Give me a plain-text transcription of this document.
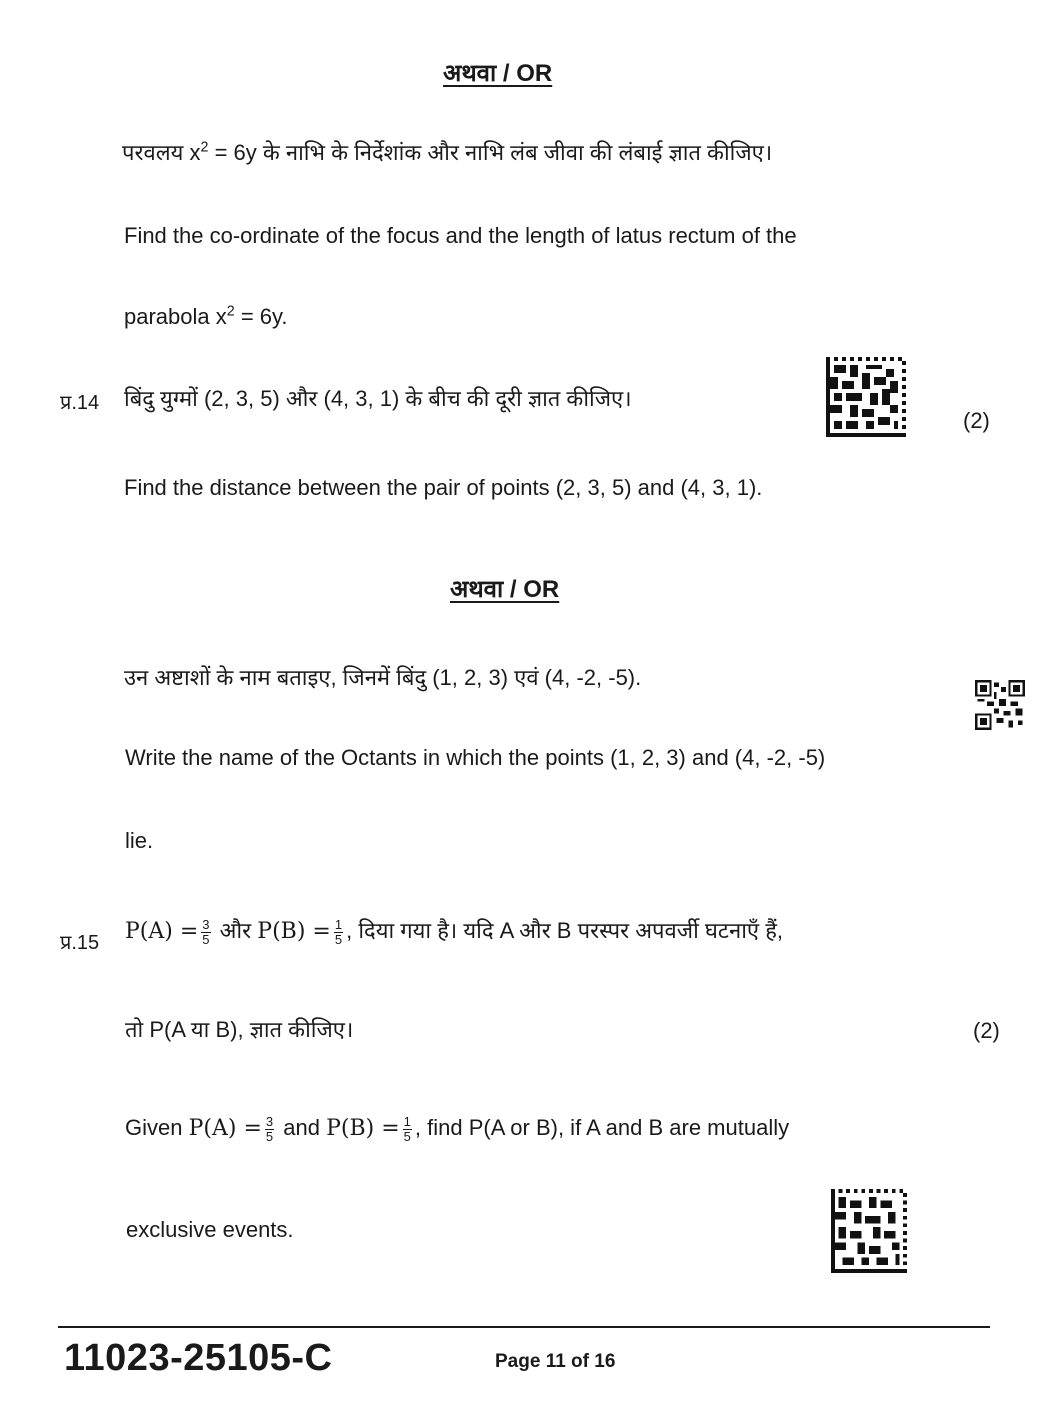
अथवा / OR
परवलय $x^2 = 6y$ के नाभि के निर्देशांक और नाभि लंब जीवा की लंबाई ज्ञात कीजिए।
Find the co-ordinate of the focus and the length of latus rectum of the
parabola $x^2 = 6y$.
प्र.14 बिंदु युग्मों (2, 3, 5) और (4, 3, 1) के बीच की दूरी ज्ञात कीजिए।
(2)
Find the distance between the pair of points (2, 3, 5) and (4, 3, 1).
अथवा / OR
उन अष्टाशों के नाम बताइए, जिनमें बिंदु (1, 2, 3) एवं (4, -2, -5).
Write the name of the Octants in which the points (1, 2, 3) and (4, -2, -5)
lie.
प्र.15 $P(A) = \frac{3}{5}$ और $P(B) = \frac{1}{5}$ , दिया गया है। यदि A और B परस्पर अपवर्जी घटनाएँ हैं,
तो P(A या B), ज्ञात कीजिए।	(2)
Given $P(A) = \frac{3}{5}$ and $P(B) = \frac{1}{5}$ , find P(A or B), if A and B are mutually
exclusive events.
11023-25105-C	Page 11 of 16
